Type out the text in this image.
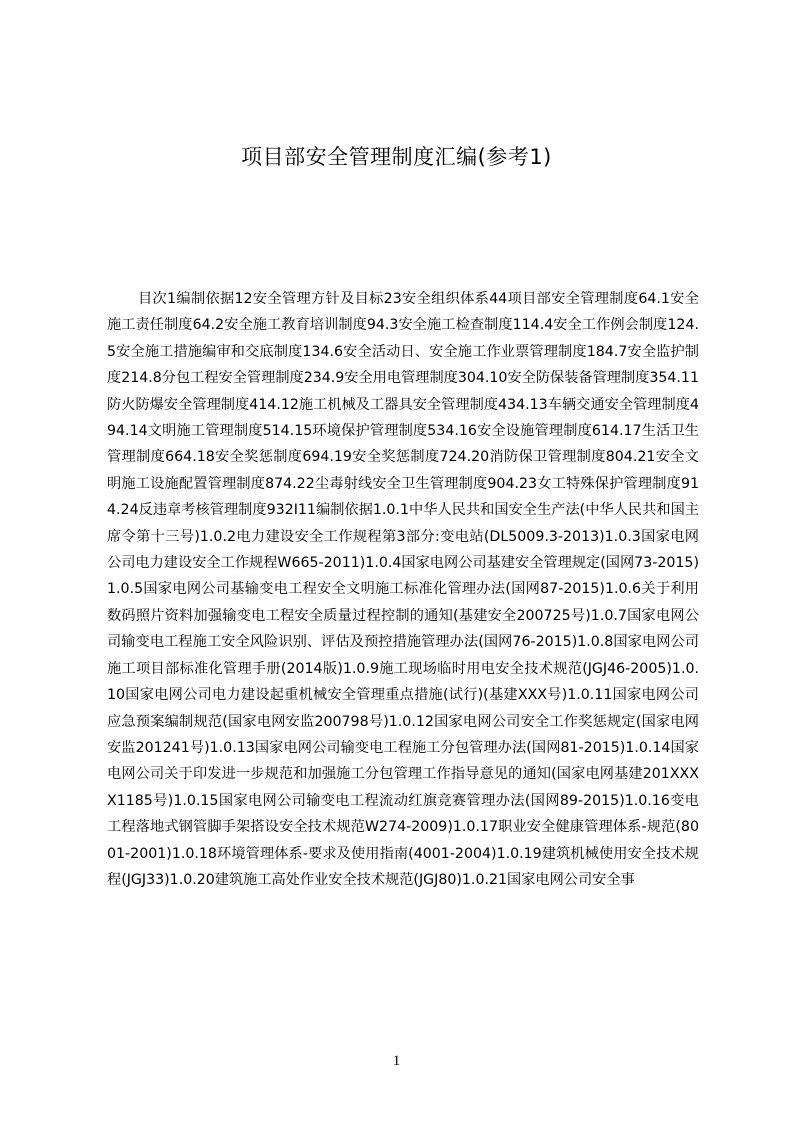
项目部安全管理制度汇编(参考1)

目次1编制依据12安全管理方针及目标23安全组织体系44项目部安全管理制度64.1安全施工责任制度64.2安全施工教育培训制度94.3安全施工检查制度114.4安全工作例会制度124.5安全施工措施编审和交底制度134.6安全活动日、安全施工作业票管理制度184.7安全监护制度214.8分包工程安全管理制度234.9安全用电管理制度304.10安全防保装备管理制度354.11防火防爆安全管理制度414.12施工机械及工器具安全管理制度434.13车辆交通安全管理制度494.14文明施工管理制度514.15环境保护管理制度534.16安全设施管理制度614.17生活卫生管理制度664.18安全奖惩制度694.19安全奖惩制度724.20消防保卫管理制度804.21安全文明施工设施配置管理制度874.22尘毒射线安全卫生管理制度904.23女工特殊保护管理制度914.24反违章考核管理制度932I11编制依据1.0.1中华人民共和国安全生产法(中华人民共和国主席令第十三号)1.0.2电力建设安全工作规程第3部分:变电站(DL5009.3-2013)1.0.3国家电网公司电力建设安全工作规程W665-2011)1.0.4国家电网公司基建安全管理规定(国网73-2015)1.0.5国家电网公司基输变电工程安全文明施工标准化管理办法(国网87-2015)1.0.6关于利用数码照片资料加强输变电工程安全质量过程控制的通知(基建安全200725号)1.0.7国家电网公司输变电工程施工安全风险识别、评估及预控措施管理办法(国网76-2015)1.0.8国家电网公司施工项目部标准化管理手册(2014版)1.0.9施工现场临时用电安全技术规范(JGJ46-2005)1.0.10国家电网公司电力建设起重机械安全管理重点措施(试行)(基建XXX号)1.0.11国家电网公司应急预案编制规范(国家电网安监200798号)1.0.12国家电网公司安全工作奖惩规定(国家电网安监201241号)1.0.13国家电网公司输变电工程施工分包管理办法(国网81-2015)1.0.14国家电网公司关于印发进一步规范和加强施工分包管理工作指导意见的通知(国家电网基建201XXXX1185号)1.0.15国家电网公司输变电工程流动红旗竞赛管理办法(国网89-2015)1.0.16变电工程落地式钢管脚手架搭设安全技术规范W274-2009)1.0.17职业安全健康管理体系-规范(8001-2001)1.0.18环境管理体系-要求及使用指南(4001-2004)1.0.19建筑机械使用安全技术规程(JGJ33)1.0.20建筑施工高处作业安全技术规范(JGJ80)1.0.21国家电网公司安全事

1
